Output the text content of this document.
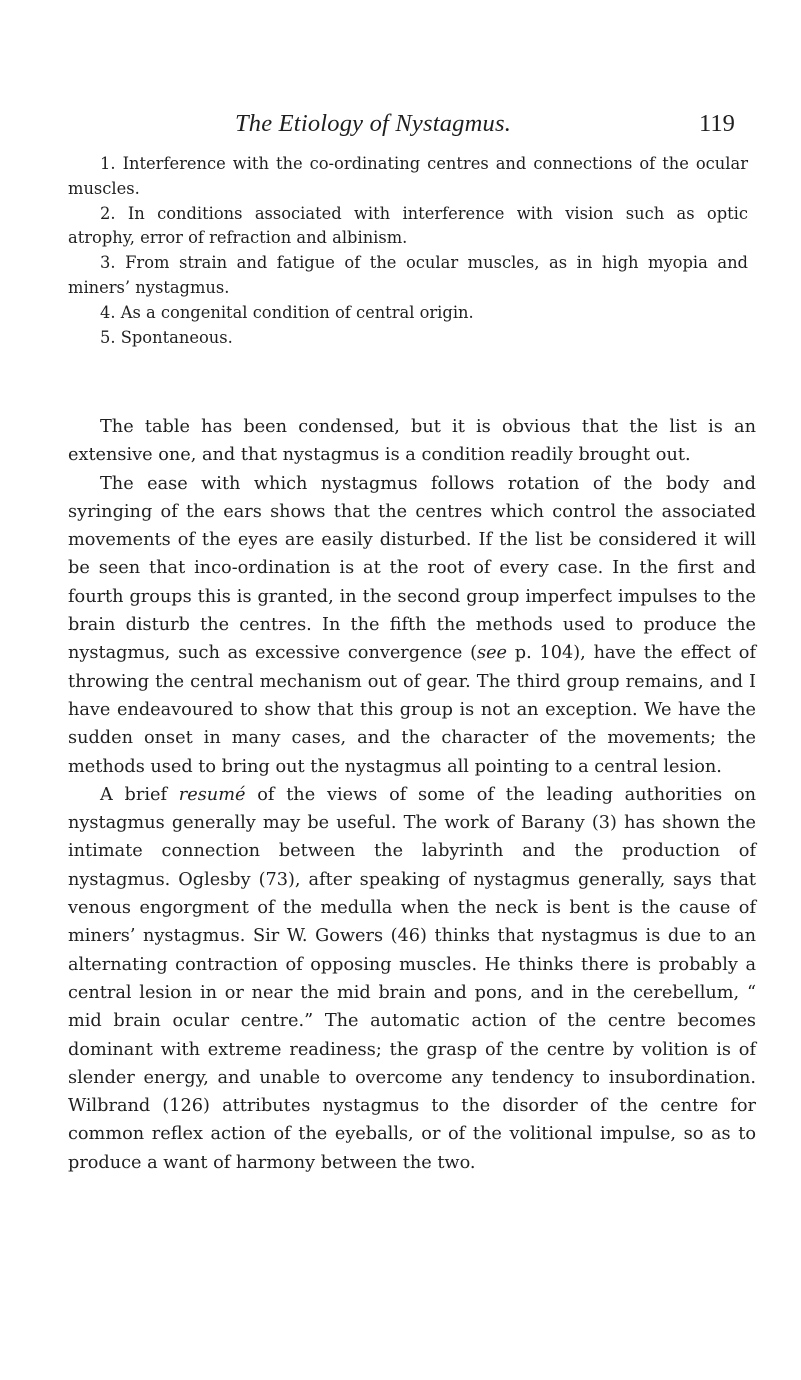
The Etiology of Nystagmus.	119

1. Interference with the co-ordinating centres and connections of the ocular muscles.

2. In conditions associated with interference with vision such as optic atrophy, error of refraction and albinism.

3. From strain and fatigue of the ocular muscles, as in high myopia and miners’ nystagmus.

4. As a congenital condition of central origin.

5. Spontaneous.

The table has been condensed, but it is obvious that the list is an extensive one, and that nystagmus is a condition readily brought out.

The ease with which nystagmus follows rotation of the body and syringing of the ears shows that the centres which control the associated movements of the eyes are easily disturbed. If the list be considered it will be seen that inco-ordination is at the root of every case. In the first and fourth groups this is granted, in the second group imperfect impulses to the brain disturb the centres. In the fifth the methods used to produce the nystagmus, such as excessive convergence (see p. 104), have the effect of throwing the central mechanism out of gear. The third group remains, and I have endeavoured to show that this group is not an exception. We have the sudden onset in many cases, and the character of the movements; the methods used to bring out the nystagmus all pointing to a central lesion.

A brief resumé of the views of some of the leading authorities on nystagmus generally may be useful. The work of Barany (3) has shown the intimate connection between the labyrinth and the production of nystagmus. Oglesby (73), after speaking of nystagmus generally, says that venous engorgment of the medulla when the neck is bent is the cause of miners’ nystagmus. Sir W. Gowers (46) thinks that nystagmus is due to an alternating contraction of opposing muscles. He thinks there is probably a central lesion in or near the mid brain and pons, and in the cerebellum, “ mid brain ocular centre.” The automatic action of the centre becomes dominant with extreme readiness; the grasp of the centre by volition is of slender energy, and unable to overcome any tendency to insubordination. Wilbrand (126) attributes nystagmus to the disorder of the centre for common reflex action of the eyeballs, or of the volitional impulse, so as to produce a want of harmony between the two.
